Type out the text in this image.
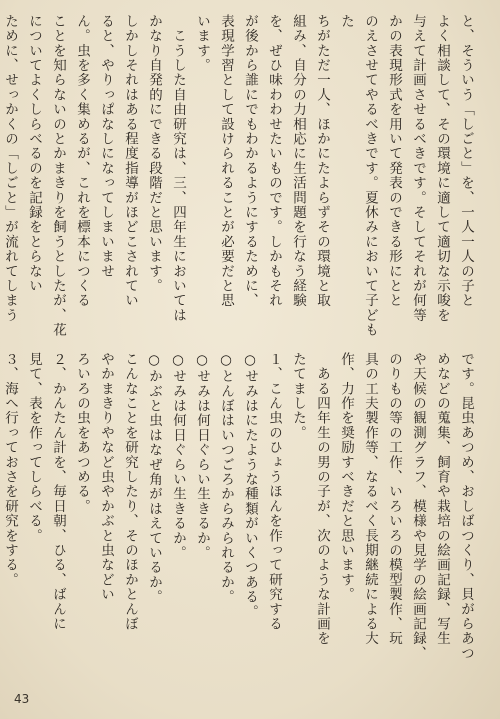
と、そういう「しごと」を、一人一人の子と
よく相談して、その環境に適して適切な示唆を
与えて計画させるべきです。そしてそれが何等
かの表現形式を用いて発表のできる形にとと
のえさせてやるべきです。夏休みにおいて子どもた
ちがただ一人、ほかにたよらずその環境と取
組み、自分の力相応に生活問題を行なう経験
を、ぜひ味わわせたいものです。しかもそれ
が後から誰にでもわかるようにするために、
表現学習として設けられることが必要だと思
います。
　こうした自由研究は、三、四年生においては
かなり自発的にできる段階だと思います。
しかしそれはある程度指導がほどこされてい
ると、やりっぱなしになってしまいませ
ん。虫を多く集めるが、これを標本につくる
ことを知らないのとかまきりを飼うとしたが、花
についてよくしらべるのを記録をとらない
ために、せっかくの「しごと」が流れてしまう
です。昆虫あつめ、おしばつくり、貝がらあつ
めなどの蒐集、飼育や栽培の絵画記録、写生
や天候の観測グラフ、模様や見学の絵画記録、
のりもの等の工作、いろいろの模型製作、玩
具の工夫製作等、なるべく長期継続による大
作、力作を奨励すべきだと思います。
　ある四年生の男の子が、次のような計画を
たてました。
１、こん虫のひょうほんを作って研究する
○せみはにたような種類がいくつある。
○とんぼはいつごろからみられるか。
○せみは何日ぐらい生きるか。
○せみは何日ぐらい生きるか。
○かぶと虫はなぜ角がはえているか。
こんなことを研究したり、そのほかとんぼ
やかまきりやなど虫やかぶと虫などい
ろいろの虫をあつめる。
２、かんたん計を、毎日朝、ひる、ばんに
見て、表を作ってしらべる。
３、海へ行っておさを研究をする。
43
